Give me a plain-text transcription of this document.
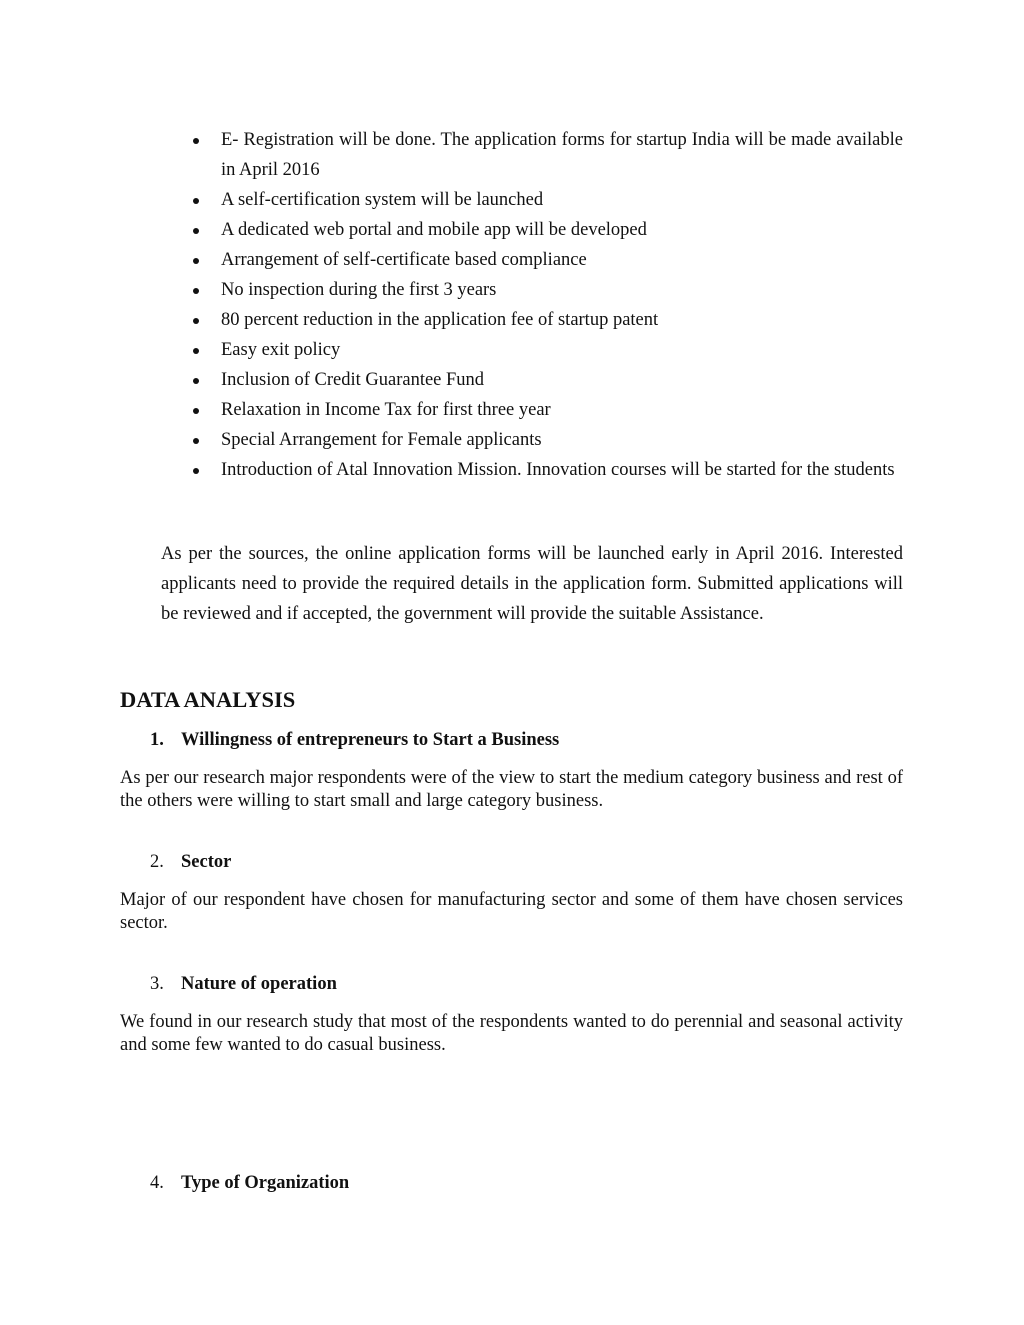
E- Registration will be done. The application forms for startup India will be made available in April 2016
A self-certification system will be launched
A dedicated web portal and mobile app will be developed
Arrangement of self-certificate based compliance
No inspection during the first 3 years
80 percent reduction in the application fee of startup patent
Easy exit policy
Inclusion of Credit Guarantee Fund
Relaxation in Income Tax for first three year
Special Arrangement for Female applicants
Introduction of Atal Innovation Mission. Innovation courses will be started for the students

As per the sources, the online application forms will be launched early in April 2016. Interested applicants need to provide the required details in the application form. Submitted applications will be reviewed and if accepted, the government will provide the suitable Assistance.

DATA ANALYSIS

1. Willingness of entrepreneurs to Start a Business

As per our research major respondents were of the view to start the medium category business and rest of the others were willing to start small and large category business.

2. Sector

Major of our respondent have chosen for manufacturing sector and some of them have chosen services sector.

3. Nature of operation

We found in our research study that most of the respondents wanted to do perennial and seasonal activity and some few wanted to do casual business.

4. Type of Organization
